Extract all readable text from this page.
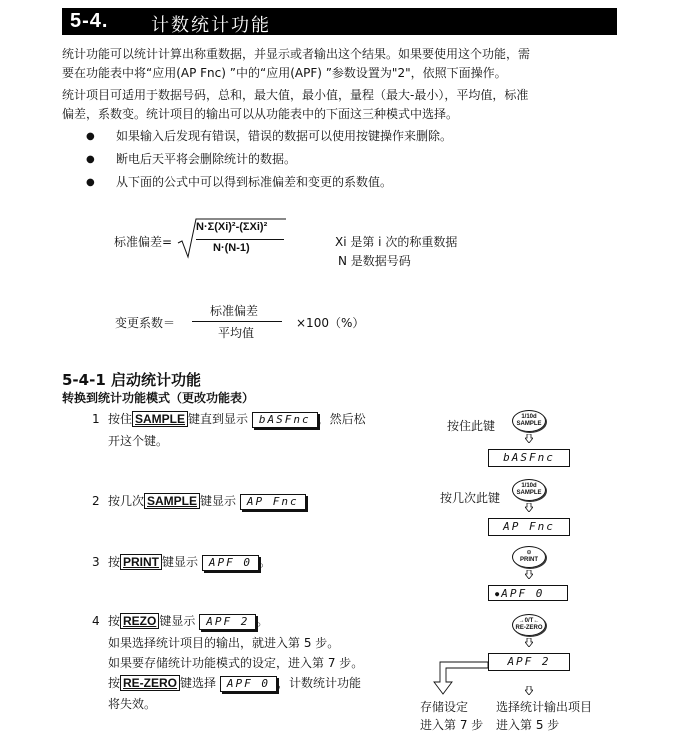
5-4. 计数统计功能
统计功能可以统计计算出称重数据，并显示或者输出这个结果。如果要使用这个功能，需
要在功能表中将“应用(AP Fnc) ”中的“应用(APF) ”参数设置为"2"，依照下面操作。
统计项目可适用于数据号码，总和，最大值，最小值，量程（最大-最小），平均值，标准
偏差，系数变。统计项目的输出可以从功能表中的下面这三种模式中选择。
● 如果输入后发现有错误，错误的数据可以使用按键操作来删除。
● 断电后天平将会删除统计的数据。
● 从下面的公式中可以得到标准偏差和变更的系数值。
标准偏差=
N·Σ(Xi)²-(ΣXi)²
N·(N-1)	Xi 是第 i 次的称重数据
N 是数据号码
变更系数＝
标准偏差
平均值
×100（%）
5-4-1 启动统计功能
转换到统计功能模式（更改功能表）
1 按住 SAMPLE 键直到显示 bASFnc ，然后松
开这个键。
2 按几次 SAMPLE 键显示 AP Fnc
3 按 PRINT 键显示 APF 0 。
4 按 REZO 键显示 APF 2 。
如果选择统计项目的输出，就进入第 5 步。
如果要存储统计功能模式的设定，进入第 7 步。
按 RE-ZERO 键选择 APF 0 ，计数统计功能
将失效。
按住此键
1/10d
SAMPLE
bASFnc
按几次此键
1/10d
SAMPLE
AP Fnc
⊙
PRINT
●APF 0
→0/T←
RE-ZERO
APF 2
存储设定
进入第 7 步
选择统计输出项目
进入第 5 步
